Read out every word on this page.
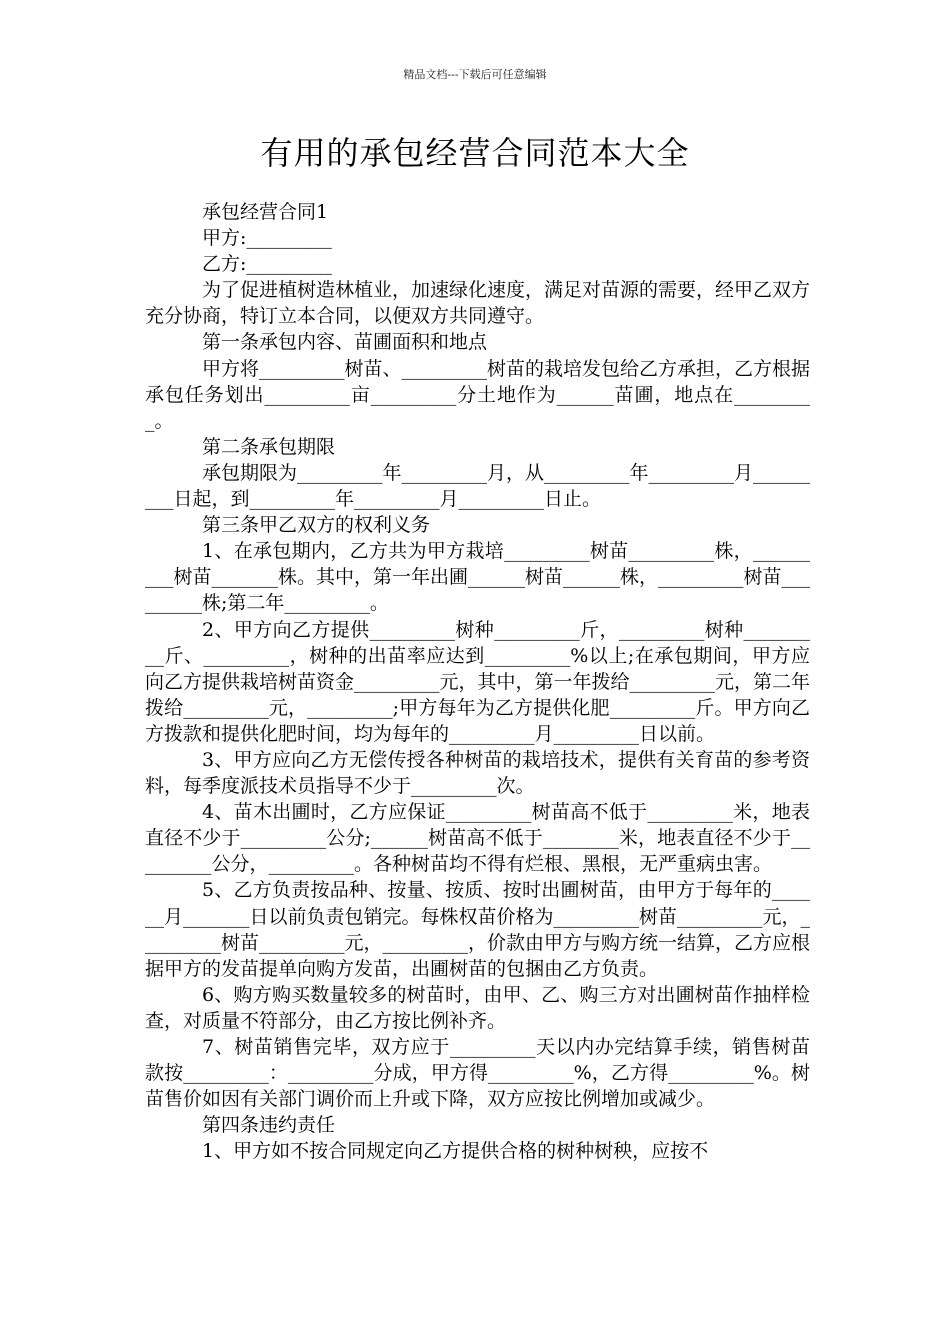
精品文档---下载后可任意编辑
有用的承包经营合同范本大全

承包经营合同1

甲方:_________

乙方:_________

为了促进植树造林植业，加速绿化速度，满足对苗源的需要，经甲乙双方充分协商，特订立本合同，以便双方共同遵守。

第一条承包内容、苗圃面积和地点

甲方将_________树苗、_________树苗的栽培发包给乙方承担，乙方根据承包任务划出_________亩_________分土地作为______苗圃，地点在_________。

第二条承包期限

承包期限为_________年_________月，从_________年_________月_________日起，到_________年_________月_________日止。

第三条甲乙双方的权利义务

1、在承包期内，乙方共为甲方栽培_________树苗_________株，_________树苗_______株。其中，第一年出圃______树苗______株，_________树苗_________株;第二年_________。

2、甲方向乙方提供_________树种_________斤，_________树种_________斤、_________，树种的出苗率应达到_________%以上;在承包期间，甲方应向乙方提供栽培树苗资金_________元，其中，第一年拨给_________元，第二年拨给_________元，_________;甲方每年为乙方提供化肥_________斤。甲方向乙方拨款和提供化肥时间，均为每年的_________月_________日以前。

3、甲方应向乙方无偿传授各种树苗的栽培技术，提供有关育苗的参考资料，每季度派技术员指导不少于_________次。

4、苗木出圃时，乙方应保证_________树苗高不低于_________米，地表直径不少于_________公分;______树苗高不低于________米，地表直径不少于_________公分，_________。各种树苗均不得有烂根、黑根，无严重病虫害。

5、乙方负责按品种、按量、按质、按时出圃树苗，由甲方于每年的______月_______日以前负责包销完。每株权苗价格为_________树苗_________元，_________树苗_________元，_________，价款由甲方与购方统一结算，乙方应根据甲方的发苗提单向购方发苗，出圃树苗的包捆由乙方负责。

6、购方购买数量较多的树苗时，由甲、乙、购三方对出圃树苗作抽样检查，对质量不符部分，由乙方按比例补齐。

7、树苗销售完毕，双方应于_________天以内办完结算手续，销售树苗款按_________：_________分成，甲方得_________%，乙方得_________%。树苗售价如因有关部门调价而上升或下降，双方应按比例增加或减少。

第四条违约责任

1、甲方如不按合同规定向乙方提供合格的树种树秧，应按不
